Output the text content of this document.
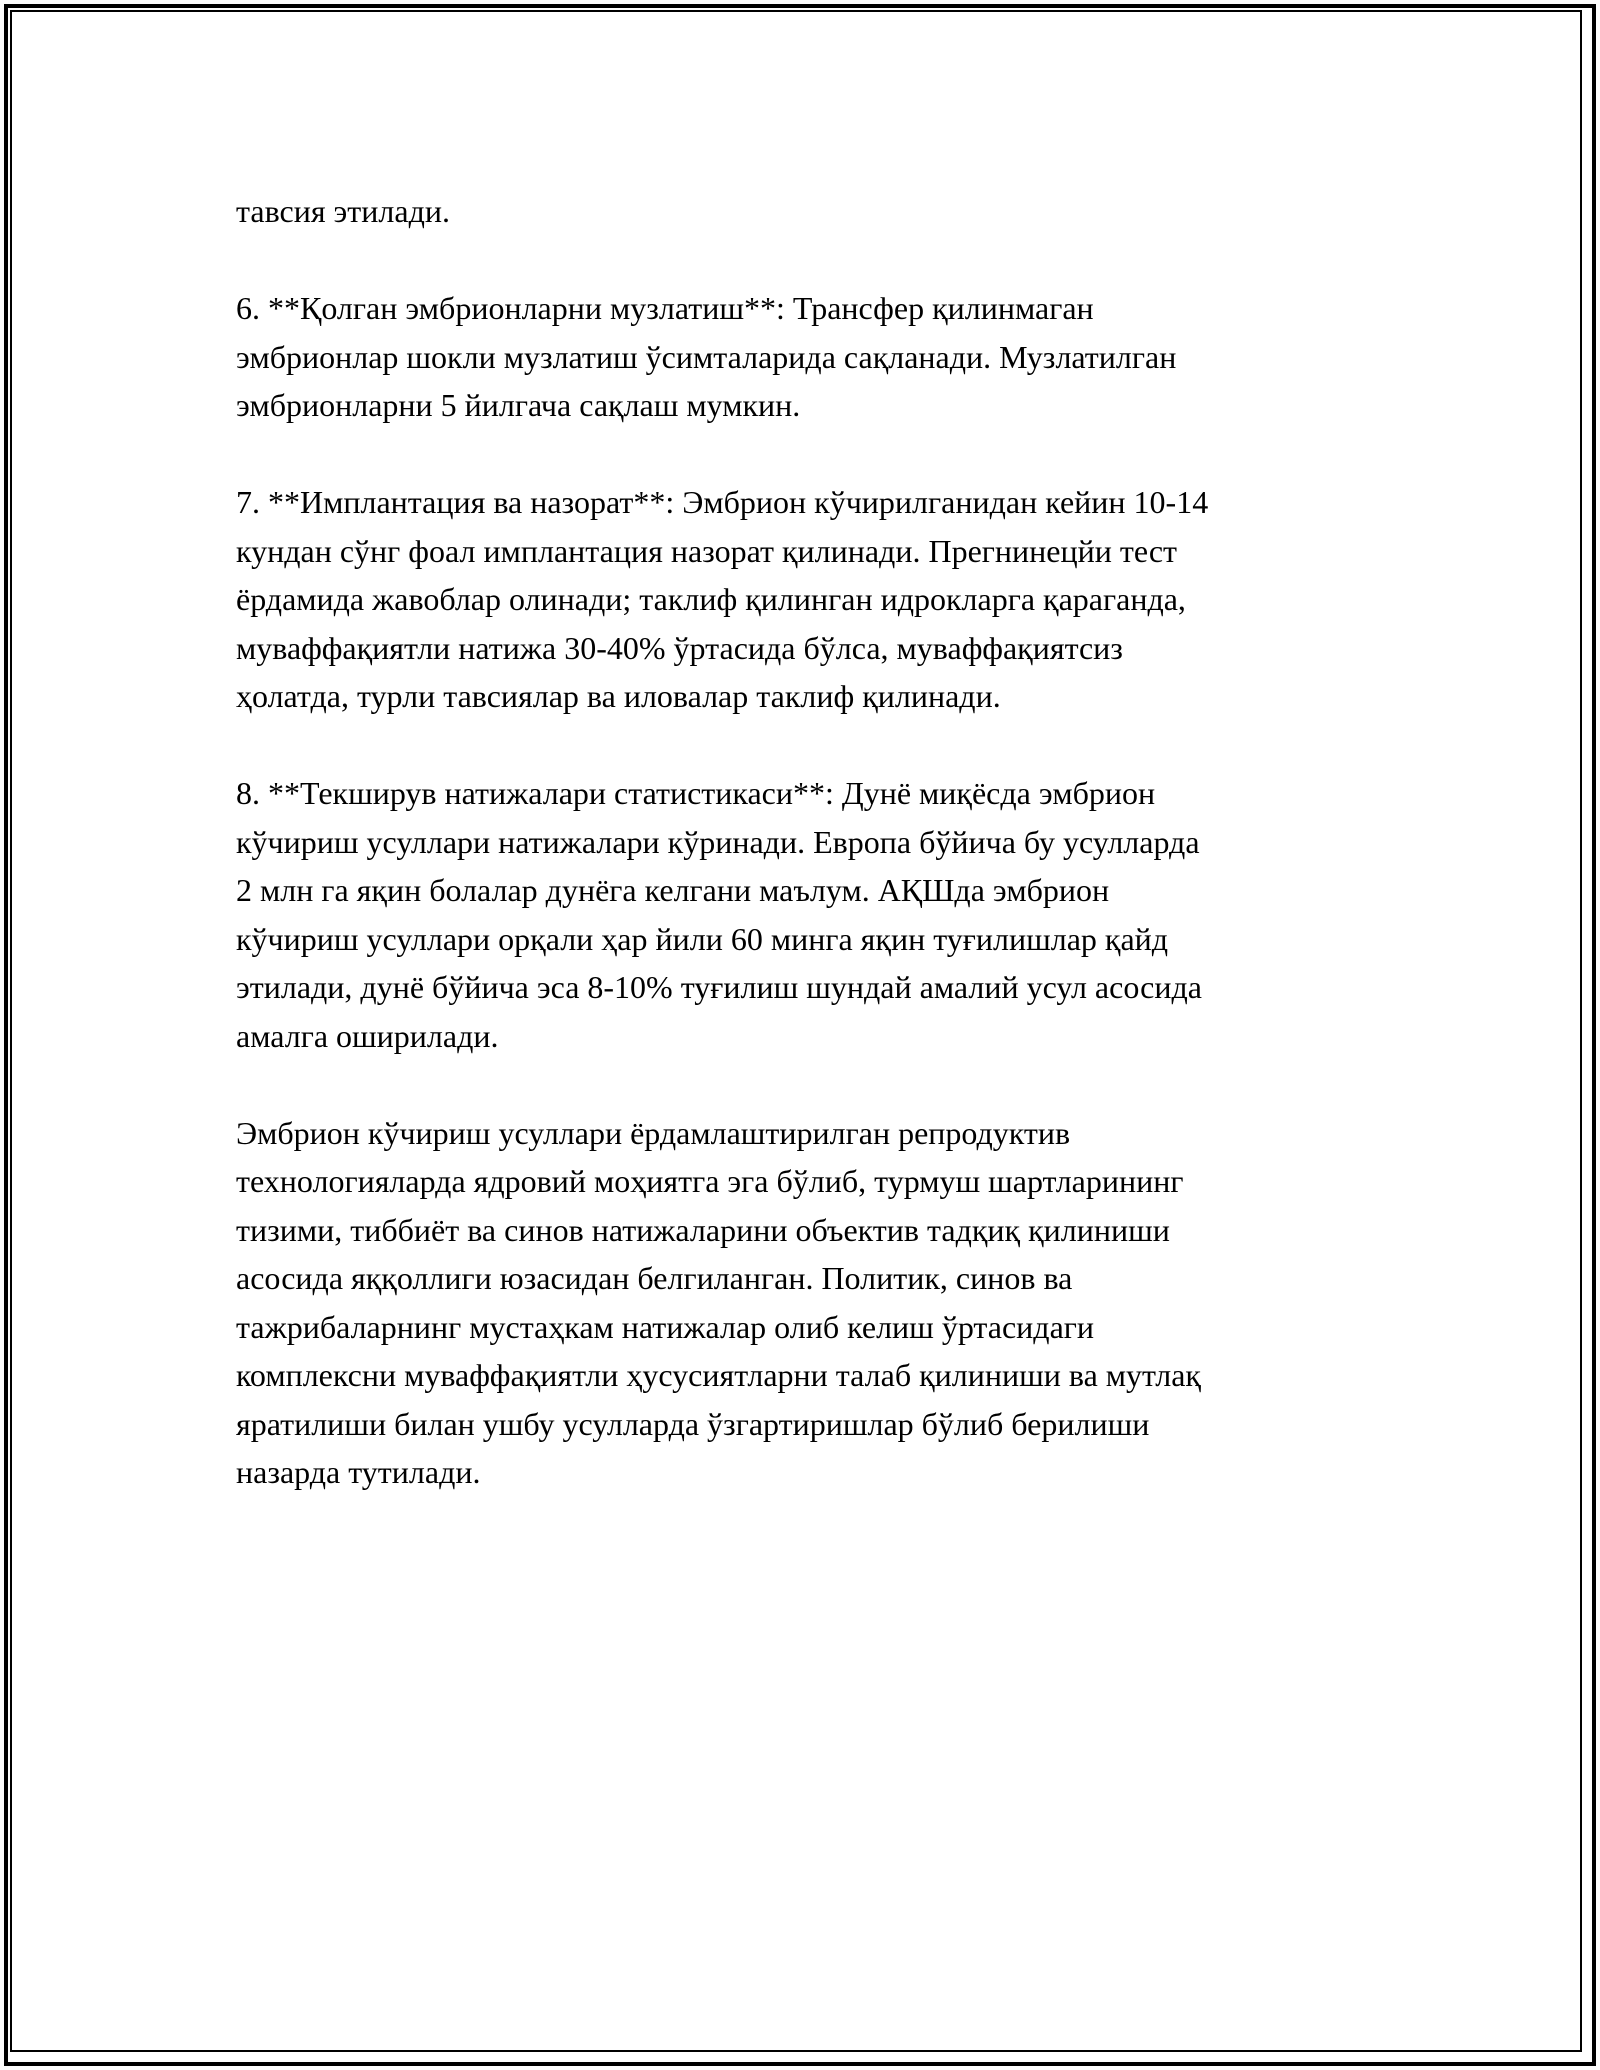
тавсия этилади.

6. **Қолган эмбрионларни музлатиш**: Трансфер қилинмаган
эмбрионлар шокли музлатиш ўсимталарида сақланади. Музлатилган
эмбрионларни 5 йилгача сақлаш мумкин.

7. **Имплантация ва назорат**: Эмбрион кўчирилганидан кейин 10-14
кундан сўнг фоал имплантация назорат қилинади. Прегнинецйи тест
ёрдамида жавоблар олинади; таклиф қилинган идрокларга қараганда,
муваффақиятли натижа 30-40% ўртасида бўлса, муваффақиятсиз
ҳолатда, турли тавсиялар ва иловалар таклиф қилинади.

8. **Текширув натижалари статистикаси**: Дунё миқёсда эмбрион
кўчириш усуллари натижалари кўринади. Европа бўйича бу усулларда
2 млн га яқин болалар дунёга келгани маълум. АҚШда эмбрион
кўчириш усуллари орқали ҳар йили 60 минга яқин туғилишлар қайд
этилади, дунё бўйича эса 8-10% туғилиш шундай амалий усул асосида
амалга оширилади.

Эмбрион кўчириш усуллари ёрдамлаштирилган репродуктив
технологияларда ядровий моҳиятга эга бўлиб, турмуш шартларининг
тизими, тиббиёт ва синов натижаларини объектив тадқиқ қилиниши
асосида яққоллиги юзасидан белгиланган. Политик, синов ва
тажрибаларнинг мустаҳкам натижалар олиб келиш ўртасидаги
комплексни муваффақиятли ҳусусиятларни талаб қилиниши ва мутлақ
яратилиши билан ушбу усулларда ўзгартиришлар бўлиб берилиши
назарда тутилади.
